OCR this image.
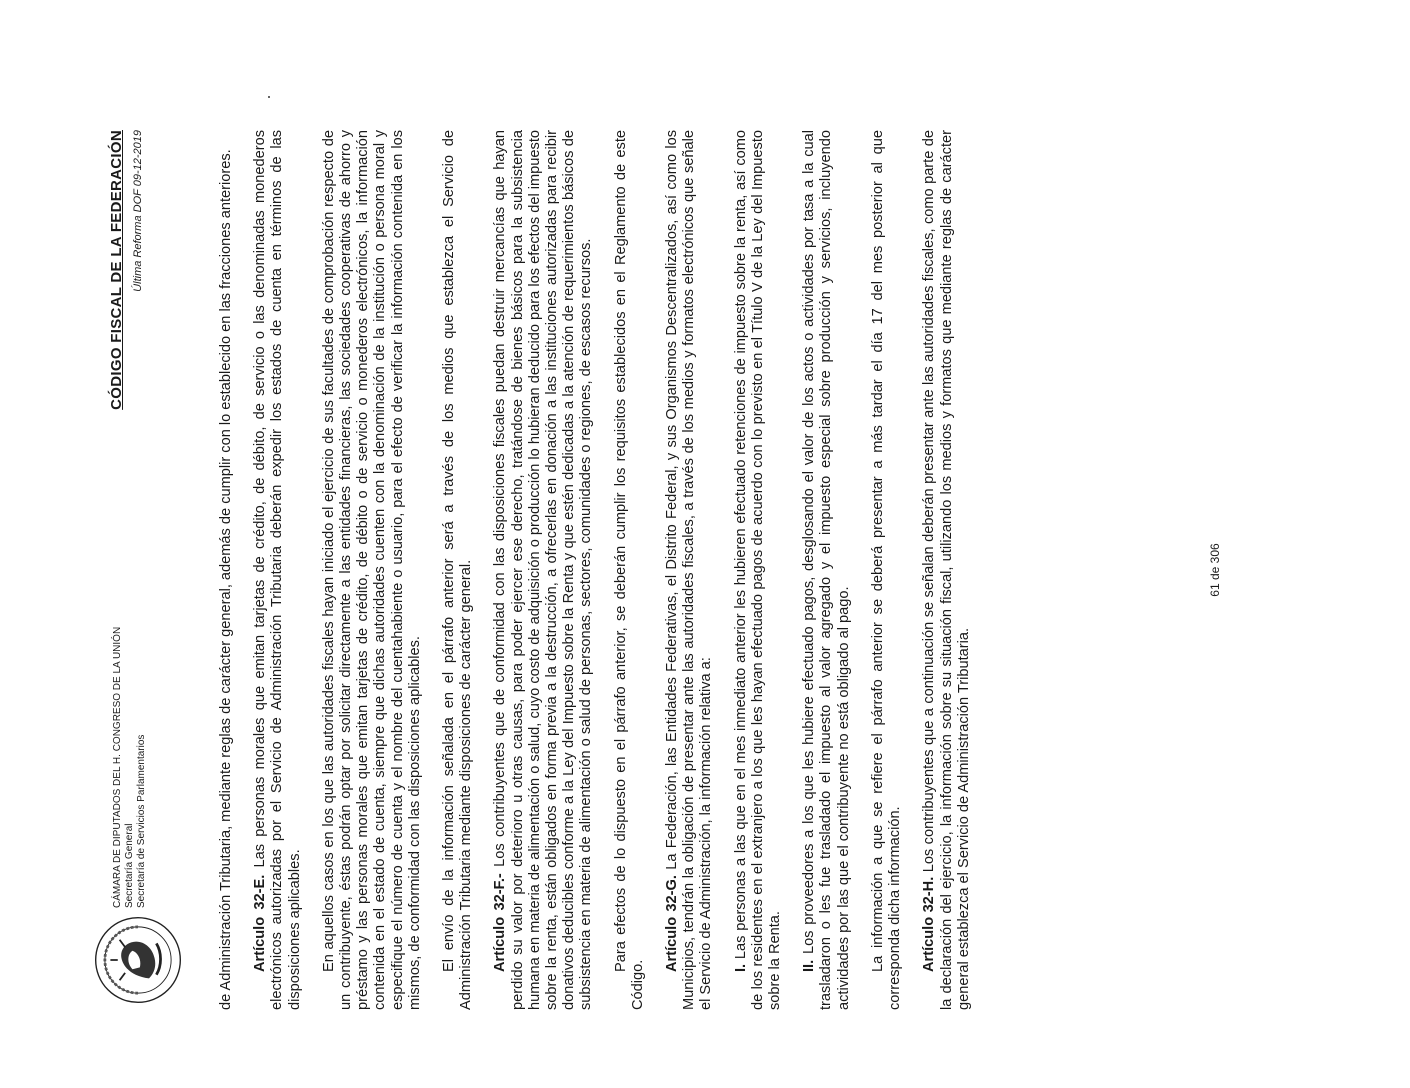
CÁMARA DE DIPUTADOS DEL H. CONGRESO DE LA UNIÓN Secretaría General Secretaría de Servicios Parlamentarios
CÓDIGO FISCAL DE LA FEDERACIÓN Última Reforma DOF 09-12-2019	de Administración Tributaria, mediante reglas de carácter general, además de cumplir con lo establecido en las fracciones anteriores. Artículo 32-E. Las personas morales que emitan tarjetas de crédito, de débito, de servicio o las denominadas monederos electrónicos autorizadas por el Servicio de Administración Tributaria deberán expedir los estados de cuenta en términos de las disposiciones aplicables. En aquellos casos en los que las autoridades fiscales hayan iniciado el ejercicio de sus facultades de comprobación respecto de un contribuyente, éstas podrán optar por solicitar directamente a las entidades financieras, las sociedades cooperativas de ahorro y préstamo y las personas morales que emitan tarjetas de crédito, de débito o de servicio o monederos electrónicos, la información contenida en el estado de cuenta, siempre que dichas autoridades cuenten con la denominación de la institución o persona moral y especifique el número de cuenta y el nombre del cuentahabiente o usuario, para el efecto de verificar la información contenida en los mismos, de conformidad con las disposiciones aplicables. El envío de la información señalada en el párrafo anterior será a través de los medios que establezca el Servicio de Administración Tributaria mediante disposiciones de carácter general. Artículo 32-F.- Los contribuyentes que de conformidad con las disposiciones fiscales puedan destruir mercancías que hayan perdido su valor por deterioro u otras causas, para poder ejercer ese derecho, tratándose de bienes básicos para la subsistencia humana en materia de alimentación o salud, cuyo costo de adquisición o producción lo hubieran deducido para los efectos del impuesto sobre la renta, están obligados en forma previa a la destrucción, a ofrecerlas en donación a las instituciones autorizadas para recibir donativos deducibles conforme a la Ley del Impuesto sobre la Renta y que estén dedicadas a la atención de requerimientos básicos de subsistencia en materia de alimentación o salud de personas, sectores, comunidades o regiones, de escasos recursos. Para efectos de lo dispuesto en el párrafo anterior, se deberán cumplir los requisitos establecidos en el Reglamento de este Código.

Artículo 32-G. La Federación, las Entidades Federativas, el Distrito Federal, y sus Organismos Descentralizados, así como los Municipios, tendrán la obligación de presentar ante las autoridades fiscales, a través de los medios y formatos electrónicos que señale el Servicio de Administración, la información relativa a: I. Las personas a las que en el mes inmediato anterior les hubieren efectuado retenciones de impuesto sobre la renta, así como de los residentes en el extranjero a los que les hayan efectuado pagos de acuerdo con lo previsto en el Título V de la Ley del Impuesto sobre la Renta. II. Los proveedores a los que les hubiere efectuado pagos, desglosando el valor de los actos o actividades por tasa a la cual trasladaron o les fue trasladado el impuesto al valor agregado y el impuesto especial sobre producción y servicios, incluyendo actividades por las que el contribuyente no está obligado al pago. La información a que se refiere el párrafo anterior se deberá presentar a más tardar el día 17 del mes posterior al que corresponda dicha información. Artículo 32-H. Los contribuyentes que a continuación se señalan deberán presentar ante las autoridades fiscales, como parte de la declaración del ejercicio, la información sobre su situación fiscal, utilizando los medios y formatos que mediante reglas de carácter general establezca el Servicio de Administración Tributaria.

61 de 306
